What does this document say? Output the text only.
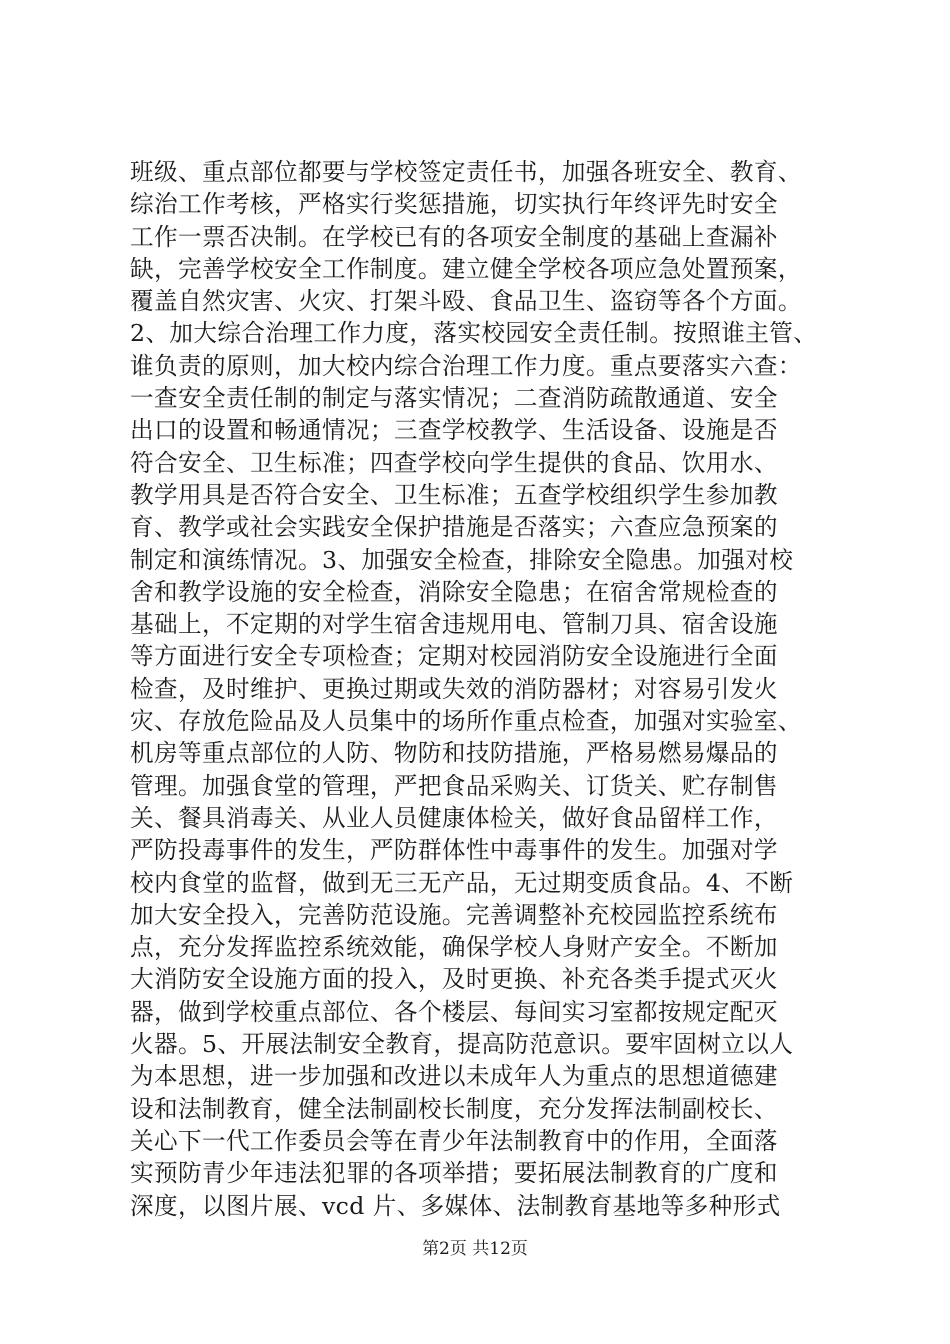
班级、重点部位都要与学校签定责任书，加强各班安全、教育、
综治工作考核，严格实行奖惩措施，切实执行年终评先时安全
工作一票否决制。在学校已有的各项安全制度的基础上查漏补
缺，完善学校安全工作制度。建立健全学校各项应急处置预案，
覆盖自然灾害、火灾、打架斗殴、食品卫生、盗窃等各个方面。
2、加大综合治理工作力度，落实校园安全责任制。按照谁主管、
谁负责的原则，加大校内综合治理工作力度。重点要落实六查：
一查安全责任制的制定与落实情况；二查消防疏散通道、安全
出口的设置和畅通情况；三查学校教学、生活设备、设施是否
符合安全、卫生标准；四查学校向学生提供的食品、饮用水、
教学用具是否符合安全、卫生标准；五查学校组织学生参加教
育、教学或社会实践安全保护措施是否落实；六查应急预案的
制定和演练情况。3、加强安全检查，排除安全隐患。加强对校
舍和教学设施的安全检查，消除安全隐患；在宿舍常规检查的
基础上，不定期的对学生宿舍违规用电、管制刀具、宿舍设施
等方面进行安全专项检查；定期对校园消防安全设施进行全面
检查，及时维护、更换过期或失效的消防器材；对容易引发火
灾、存放危险品及人员集中的场所作重点检查，加强对实验室、
机房等重点部位的人防、物防和技防措施，严格易燃易爆品的
管理。加强食堂的管理，严把食品采购关、订货关、贮存制售
关、餐具消毒关、从业人员健康体检关，做好食品留样工作，
严防投毒事件的发生，严防群体性中毒事件的发生。加强对学
校内食堂的监督，做到无三无产品，无过期变质食品。4、不断
加大安全投入，完善防范设施。完善调整补充校园监控系统布
点，充分发挥监控系统效能，确保学校人身财产安全。不断加
大消防安全设施方面的投入，及时更换、补充各类手提式灭火
器，做到学校重点部位、各个楼层、每间实习室都按规定配灭
火器。5、开展法制安全教育，提高防范意识。要牢固树立以人
为本思想，进一步加强和改进以未成年人为重点的思想道德建
设和法制教育，健全法制副校长制度，充分发挥法制副校长、
关心下一代工作委员会等在青少年法制教育中的作用，全面落
实预防青少年违法犯罪的各项举措；要拓展法制教育的广度和
深度，以图片展、vcd 片、多媒体、法制教育基地等多种形式
第2页 共12页
